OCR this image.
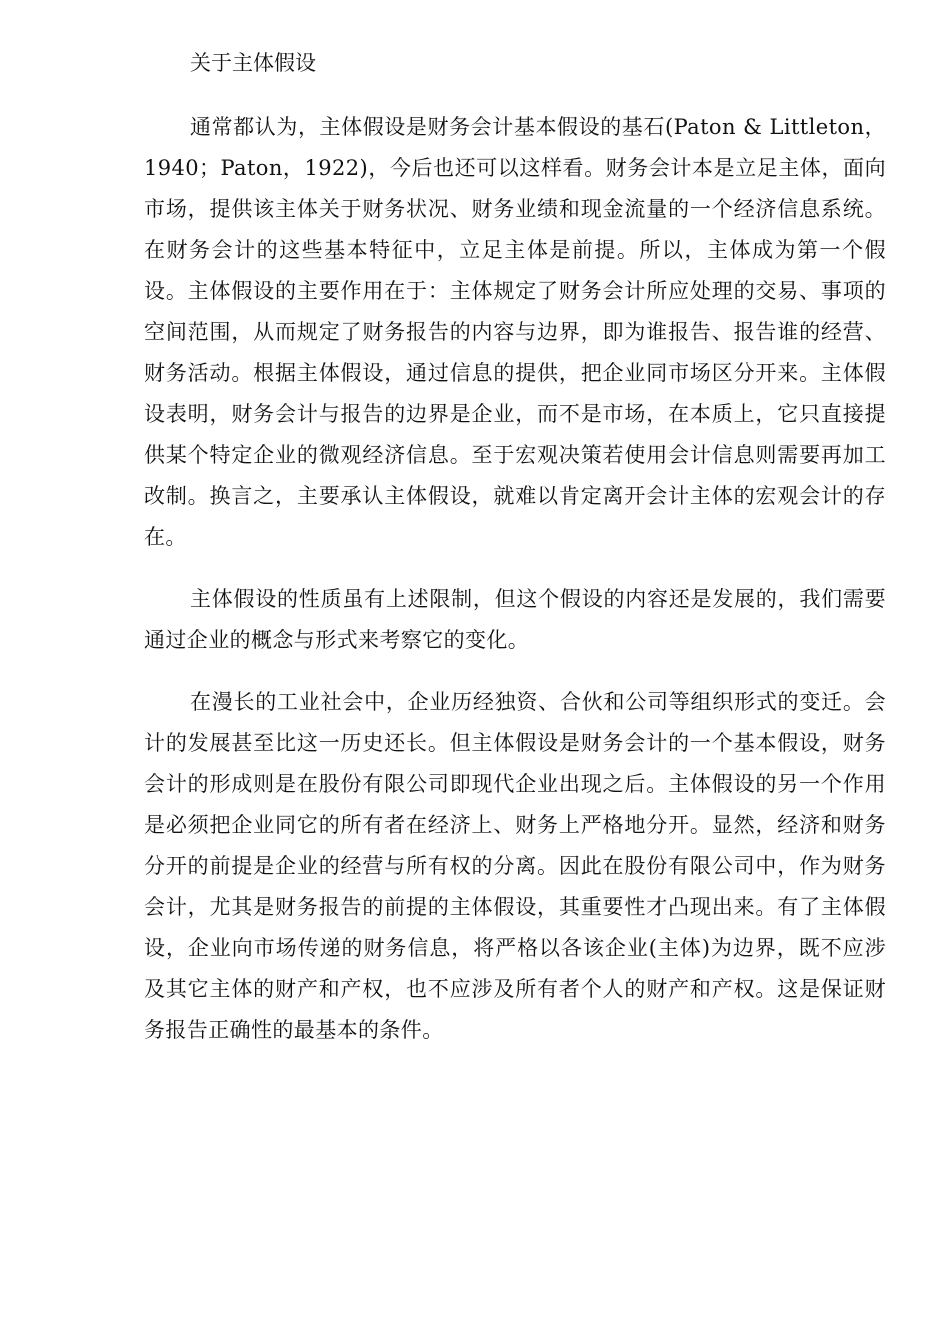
关于主体假设

通常都认为，主体假设是财务会计基本假设的基石(Paton & Littleton，1940；Paton，1922)，今后也还可以这样看。财务会计本是立足主体，面向市场，提供该主体关于财务状况、财务业绩和现金流量的一个经济信息系统。在财务会计的这些基本特征中，立足主体是前提。所以，主体成为第一个假设。主体假设的主要作用在于：主体规定了财务会计所应处理的交易、事项的空间范围，从而规定了财务报告的内容与边界，即为谁报告、报告谁的经营、财务活动。根据主体假设，通过信息的提供，把企业同市场区分开来。主体假设表明，财务会计与报告的边界是企业，而不是市场，在本质上，它只直接提供某个特定企业的微观经济信息。至于宏观决策若使用会计信息则需要再加工改制。换言之，主要承认主体假设，就难以肯定离开会计主体的宏观会计的存在。

主体假设的性质虽有上述限制，但这个假设的内容还是发展的，我们需要通过企业的概念与形式来考察它的变化。

在漫长的工业社会中，企业历经独资、合伙和公司等组织形式的变迁。会计的发展甚至比这一历史还长。但主体假设是财务会计的一个基本假设，财务会计的形成则是在股份有限公司即现代企业出现之后。主体假设的另一个作用是必须把企业同它的所有者在经济上、财务上严格地分开。显然，经济和财务分开的前提是企业的经营与所有权的分离。因此在股份有限公司中，作为财务会计，尤其是财务报告的前提的主体假设，其重要性才凸现出来。有了主体假设，企业向市场传递的财务信息，将严格以各该企业(主体)为边界，既不应涉及其它主体的财产和产权，也不应涉及所有者个人的财产和产权。这是保证财务报告正确性的最基本的条件。
